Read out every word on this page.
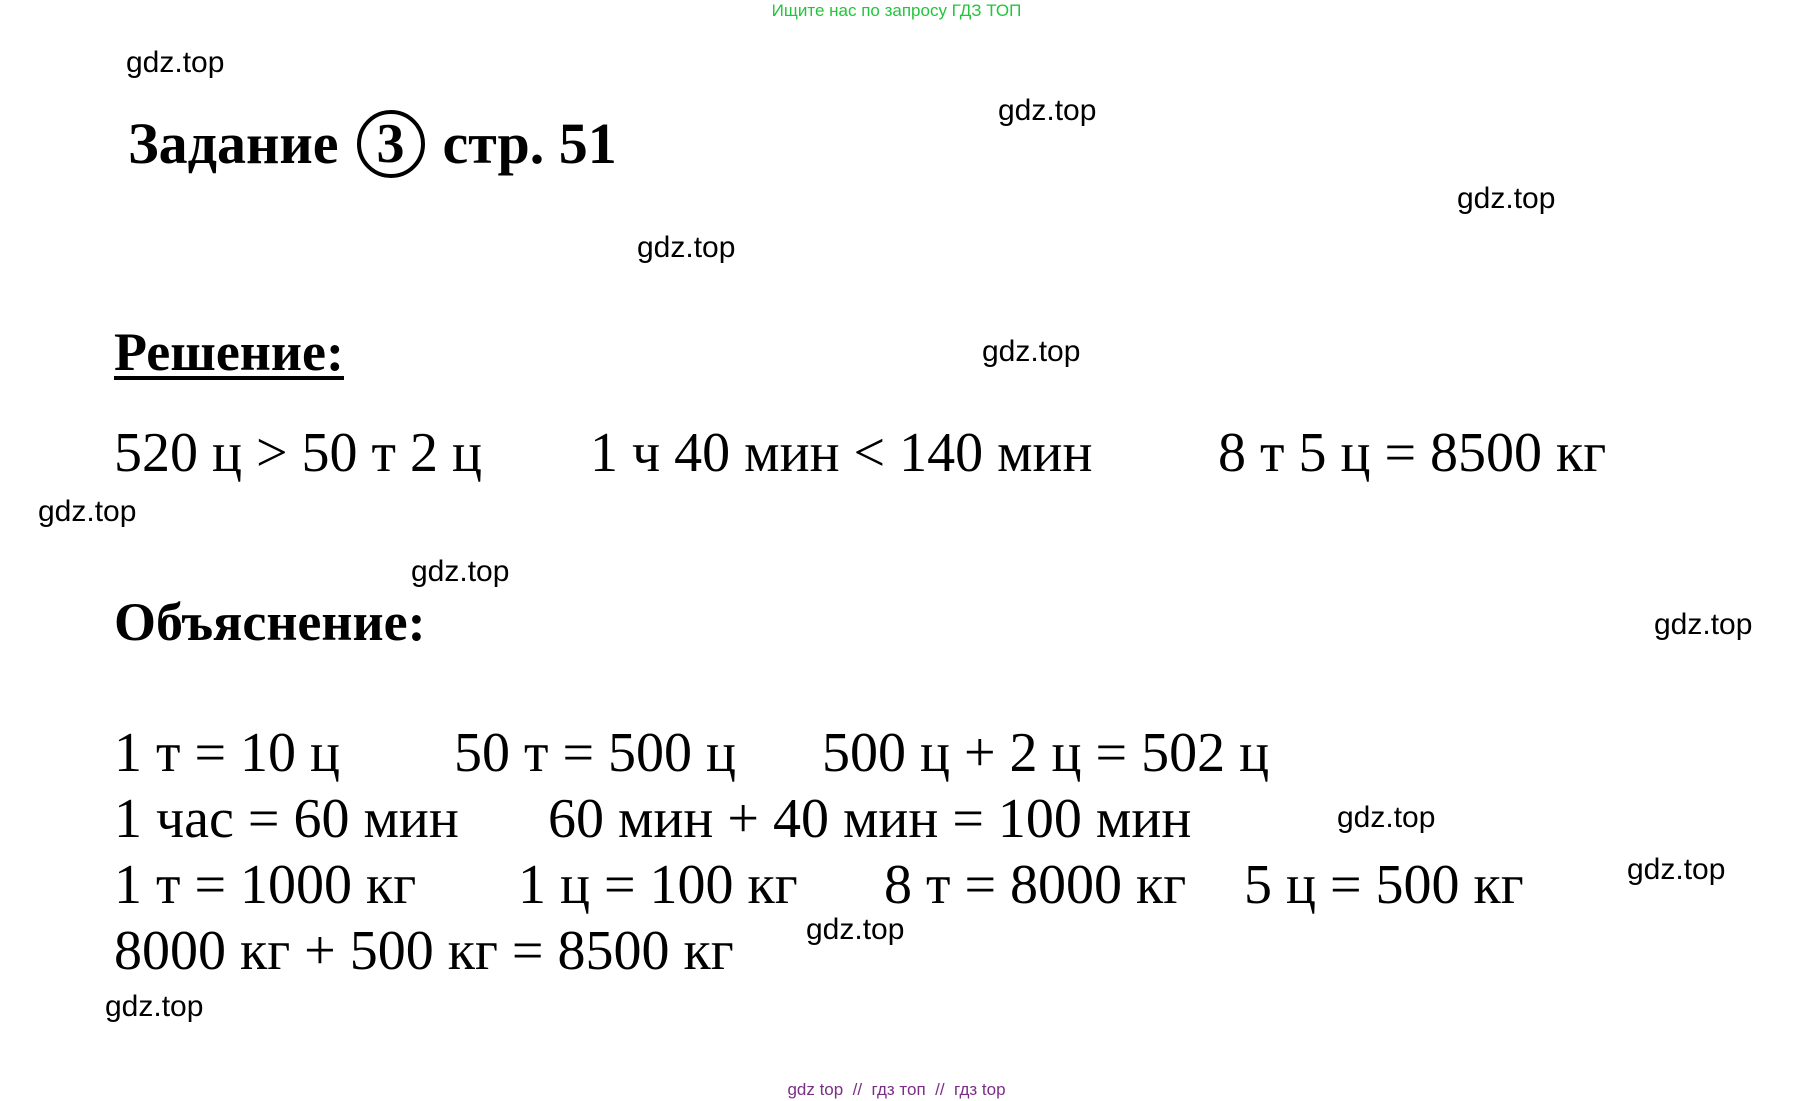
Ищите нас по запросу ГДЗ ТОП
gdz.top
gdz.top
gdz.top
gdz.top
gdz.top
gdz.top
gdz.top
gdz.top
gdz.top
gdz.top
gdz.top
gdz.top
Задание 3 стр. 51
Решение:
520 ц > 50 т 2 ц 1 ч 40 мин < 140 мин 8 т 5 ц = 8500 кг
Объяснение:
1 т = 10 ц 50 т = 500 ц 500 ц + 2 ц = 502 ц
1 час = 60 мин 60 мин + 40 мин = 100 мин
1 т = 1000 кг 1 ц = 100 кг 8 т = 8000 кг 5 ц = 500 кг
8000 кг + 500 кг = 8500 кг
gdz top  //  гдз топ  //  гдз top
